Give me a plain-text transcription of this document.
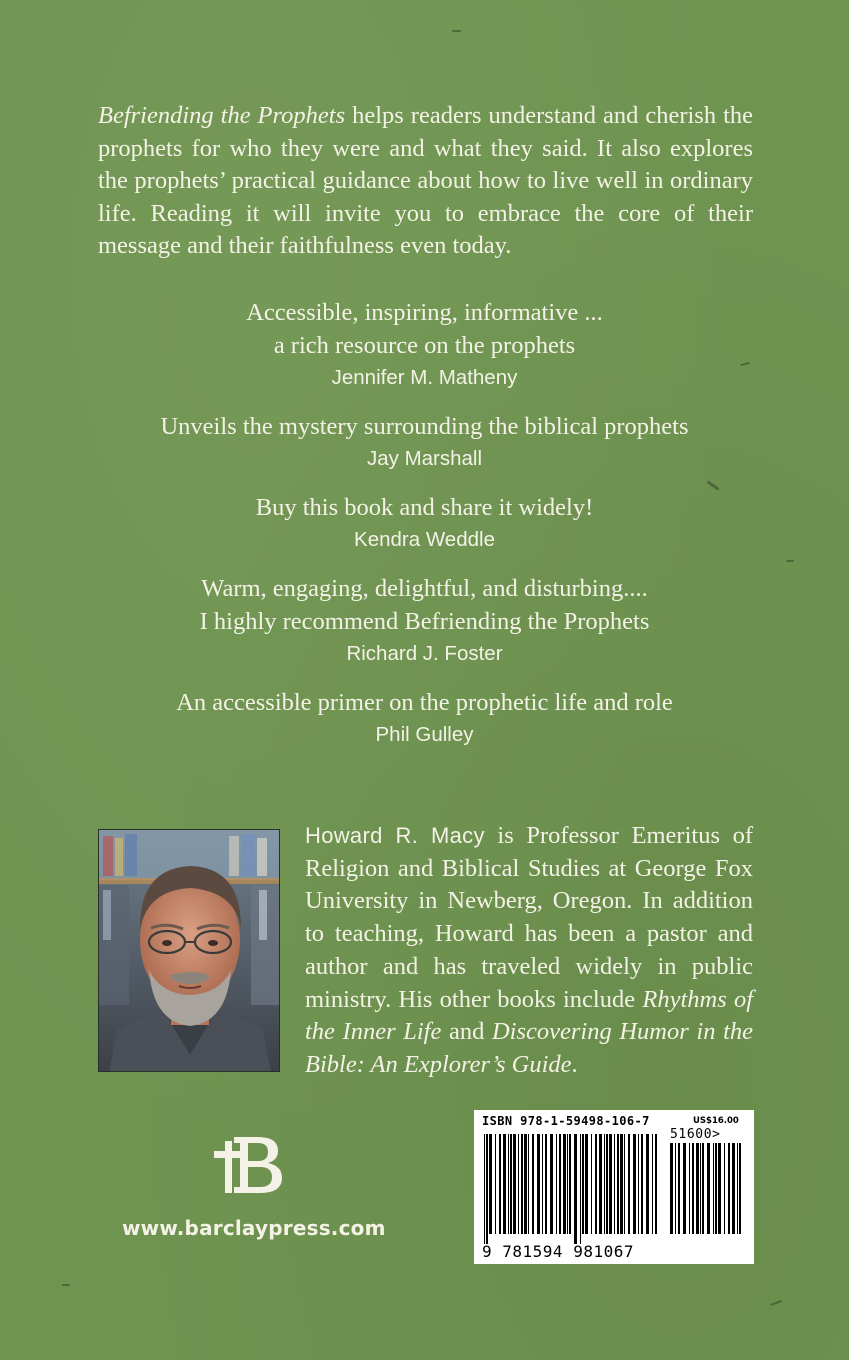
Befriending the Prophets helps readers understand and cherish the prophets for who they were and what they said. It also explores the prophets’ practical guidance about how to live well in ordinary life. Reading it will invite you to embrace the core of their message and their faithfulness even today.
Accessible, inspiring, informative ...
a rich resource on the prophets
Jennifer M. Matheny
Unveils the mystery surrounding the biblical prophets
Jay Marshall
Buy this book and share it widely!
Kendra Weddle
Warm, engaging, delightful, and disturbing....
I highly recommend Befriending the Prophets
Richard J. Foster
An accessible primer on the prophetic life and role
Phil Gulley
Howard R. Macy is Professor Emeritus of Religion and Biblical Studies at George Fox University in Newberg, Oregon. In addition to teaching, Howard has been a pastor and author and has traveled widely in public ministry. His other books include Rhythms of the Inner Life and Discovering Humor in the Bible: An Explorer’s Guide.
www.barclaypress.com
ISBN 978-1-59498-106-7	US$16.00
51600>
9 781594 981067
